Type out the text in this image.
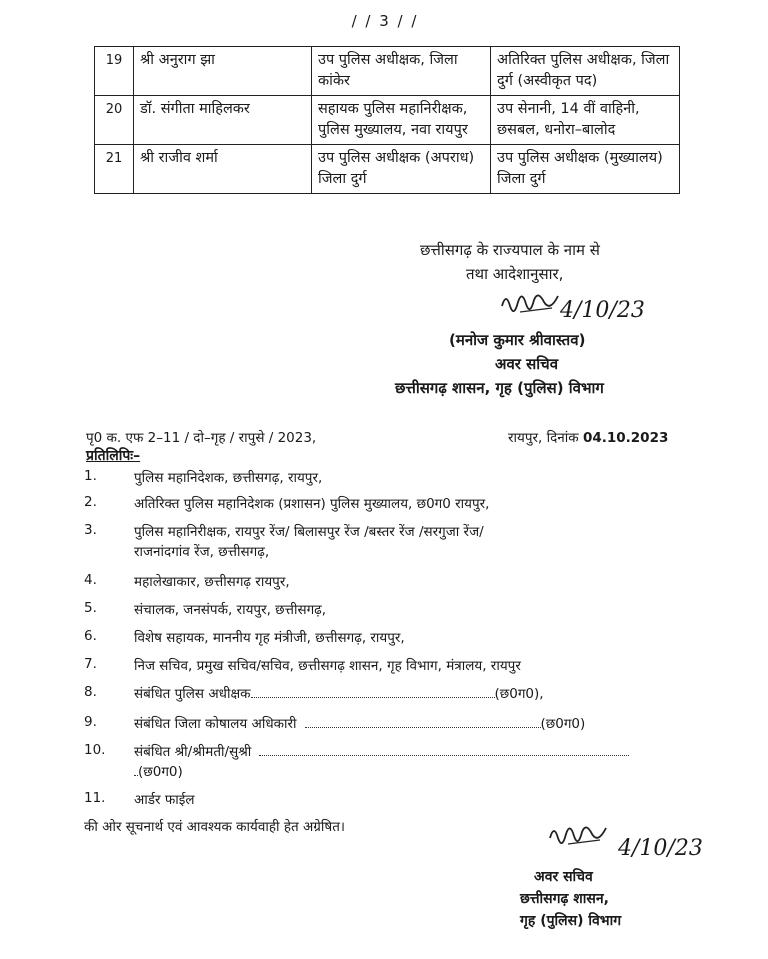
/ / 3 / /
19	श्री अनुराग झा	उप पुलिस अधीक्षक, जिला कांकेर	अतिरिक्त पुलिस अधीक्षक, जिला दुर्ग (अस्वीकृत पद)
20	डॉ. संगीता माहिलकर	सहायक पुलिस महानिरीक्षक, पुलिस मुख्यालय, नवा रायपुर	उप सेनानी, 14 वीं वाहिनी, छसबल, धनोरा–बालोद
21	श्री राजीव शर्मा	उप पुलिस अधीक्षक (अपराध) जिला दुर्ग	उप पुलिस अधीक्षक (मुख्यालय) जिला दुर्ग
छत्तीसगढ़ के राज्यपाल के नाम से
तथा आदेशानुसार,
4/10/23
(मनोज कुमार श्रीवास्तव)
अवर सचिव
छत्तीसगढ़ शासन, गृह (पुलिस) विभाग
पृ0 क. एफ 2–11 / दो–गृह / रापुसे / 2023,	रायपुर, दिनांक 04.10.2023
प्रतिलिपिः–
1.	पुलिस महानिदेशक, छत्तीसगढ़, रायपुर,
2.	अतिरिक्त पुलिस महानिदेशक (प्रशासन) पुलिस मुख्यालय, छ0ग0 रायपुर,
3.	पुलिस महानिरीक्षक, रायपुर रेंज/ बिलासपुर रेंज /बस्तर रेंज /सरगुजा रेंज/
राजनांदगांव रेंज, छत्तीसगढ़,
4.	महालेखाकार, छत्तीसगढ़ रायपुर,
5.	संचालक, जनसंपर्क, रायपुर, छत्तीसगढ़,
6.	विशेष सहायक, माननीय गृह मंत्रीजी, छत्तीसगढ़, रायपुर,
7.	निज सचिव, प्रमुख सचिव/सचिव, छत्तीसगढ़ शासन, गृह विभाग, मंत्रालय, रायपुर
8.	संबंधित पुलिस अधीक्षक	(छ0ग0),
9.	संबंधित जिला कोषालय अधिकारी	(छ0ग0)
10.	संबंधित श्री/श्रीमती/सुश्री
(छ0ग0)
11.	आर्डर फाईल
की ओर सूचनार्थ एवं आवश्यक कार्यवाही हेत अग्रेषित।
4/10/23
अवर सचिव
छत्तीसगढ़ शासन,
गृह (पुलिस) विभाग
